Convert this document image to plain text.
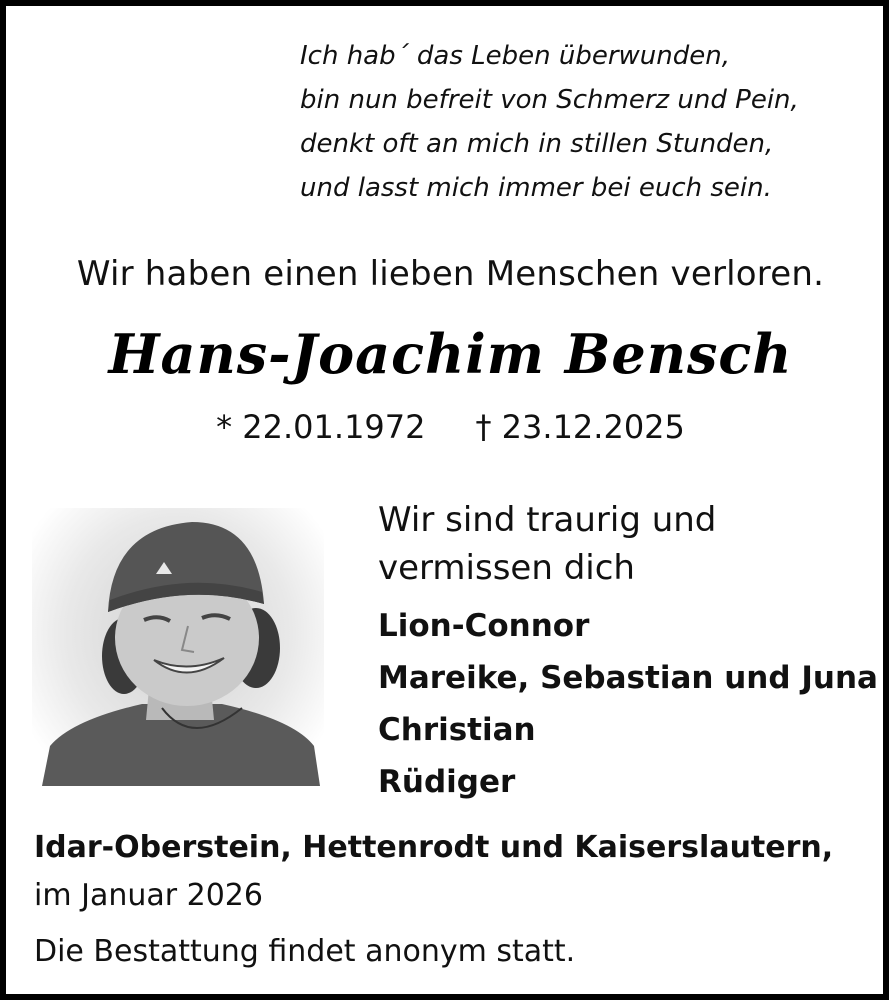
Ich hab´ das Leben überwunden,
bin nun befreit von Schmerz und Pein,
denkt oft an mich in stillen Stunden,
und lasst mich immer bei euch sein.
Wir haben einen lieben Menschen verloren.
Hans-Joachim Bensch
* 22.01.1972 † 23.12.2025
Wir sind traurig und
vermissen dich
Lion-Connor
Mareike, Sebastian und Juna
Christian
Rüdiger
Idar-Oberstein, Hettenrodt und Kaiserslautern,
im Januar 2026
Die Bestattung findet anonym statt.
